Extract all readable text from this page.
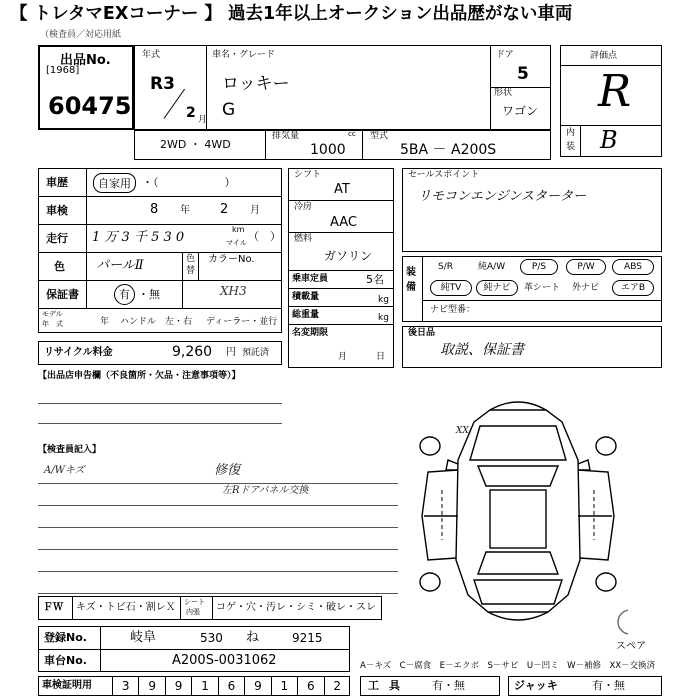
【 トレタマEXコーナー 】 過去1年以上オークション出品歴がない車両
（検査員／対応用紙
出品No.
[1968]
60475
年式
R3
2 月
車名・グレード
ロッキー
G
ドア
5
形状
ワゴン
評価点
R
内
装 B
2WD ・ 4WD
排気量	cc
1000
型式
5BA － A200S
車歴	自家用	・（　　　　　　）
車検	8 年 2 月
走行 1 万 3 千 5 3 0
km
マイル （　）
色 パールⅡ	色
替
カラーNo.
XH3
保証書	有 ・無
モデル
年　式	年 ハンドル　左・右 ディーラー・並行
リサイクル料金	9,260 円 預託済
シフト
AT
冷房
AAC
燃料
ガソリン
乗車定員	5名
積載量	kg
総重量	kg
名変期限
月	日
セールスポイント
リモコンエンジンスターター
装
備
S/R	純A/W	P/S	P/W	ABS
純TV	純ナビ	革シート 外ナビ	エアB
ナビ型番：
後日品
取説、保証書
【出品店申告欄（不良箇所・欠品・注意事項等）】
【検査員記入】
A/Wキズ	修復
左Rドアパネル交換
XX
スペア
ＦＷ キズ・トビ石・割レＸ シート
内張 コゲ・穴・汚レ・シミ・破レ・スレ
登録No.	岐阜	530 ね	9215
車台No.	A200S-0031062
車検証明用	3	9	9	1	6	9	1	6	2
A－キズ　C－腐食　E－エクボ　S－サビ　U－凹ミ　W－補修　XX－交換済
工具 有・無	ジャッキ	有・無
